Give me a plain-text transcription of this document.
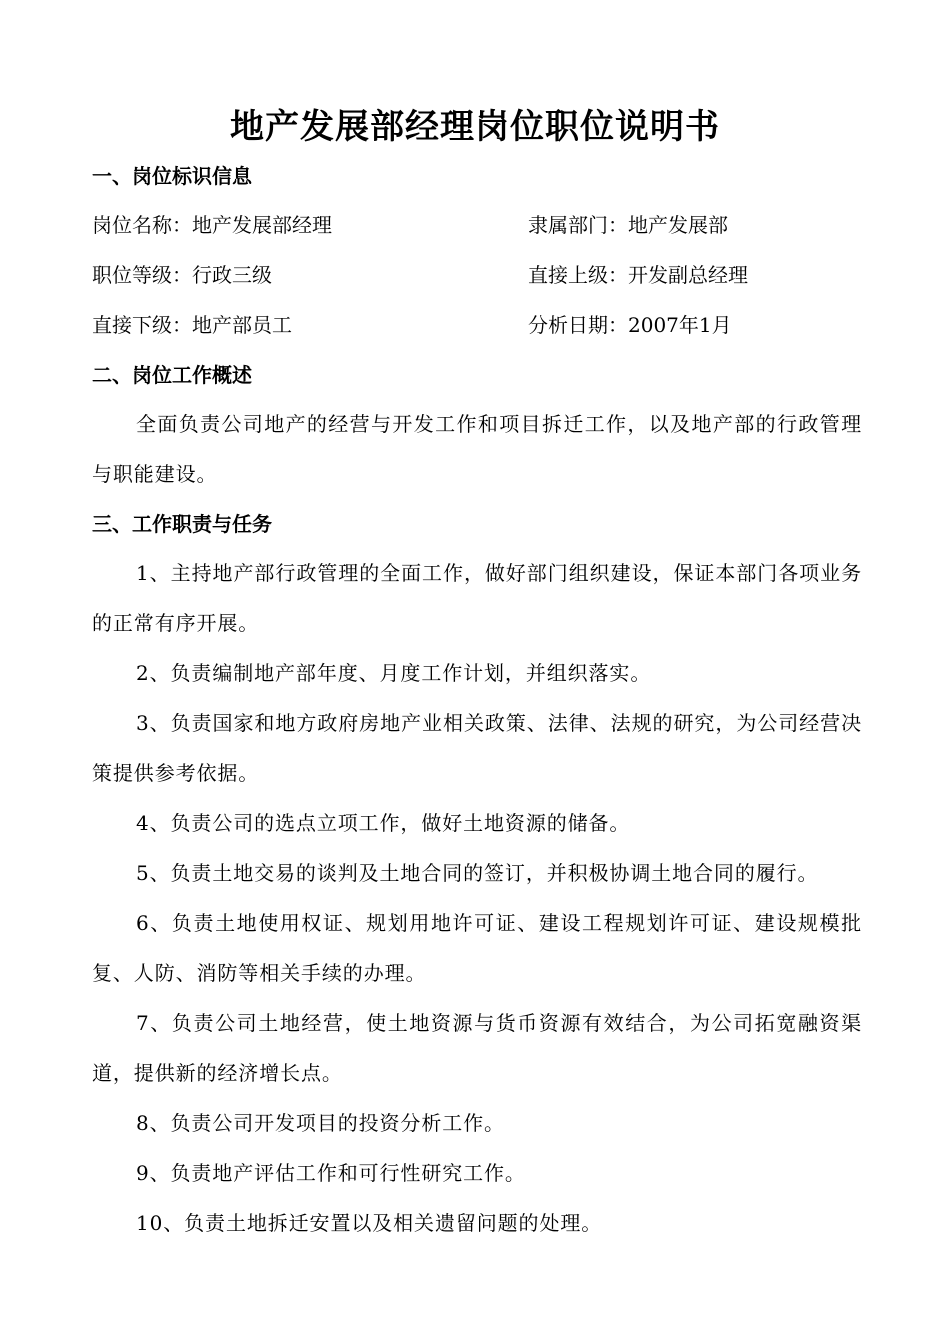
地产发展部经理岗位职位说明书
一、岗位标识信息
岗位名称：地产发展部经理	隶属部门：地产发展部
职位等级：行政三级	直接上级：开发副总经理
直接下级：地产部员工	分析日期：2007年1月
二、岗位工作概述
全面负责公司地产的经营与开发工作和项目拆迁工作，以及地产部的行政管理与职能建设。
三、工作职责与任务
1、主持地产部行政管理的全面工作，做好部门组织建设，保证本部门各项业务的正常有序开展。
2、负责编制地产部年度、月度工作计划，并组织落实。
3、负责国家和地方政府房地产业相关政策、法律、法规的研究，为公司经营决策提供参考依据。
4、负责公司的选点立项工作，做好土地资源的储备。
5、负责土地交易的谈判及土地合同的签订，并积极协调土地合同的履行。
6、负责土地使用权证、规划用地许可证、建设工程规划许可证、建设规模批复、人防、消防等相关手续的办理。
7、负责公司土地经营，使土地资源与货币资源有效结合，为公司拓宽融资渠道，提供新的经济增长点。
8、负责公司开发项目的投资分析工作。
9、负责地产评估工作和可行性研究工作。
10、负责土地拆迁安置以及相关遗留问题的处理。
